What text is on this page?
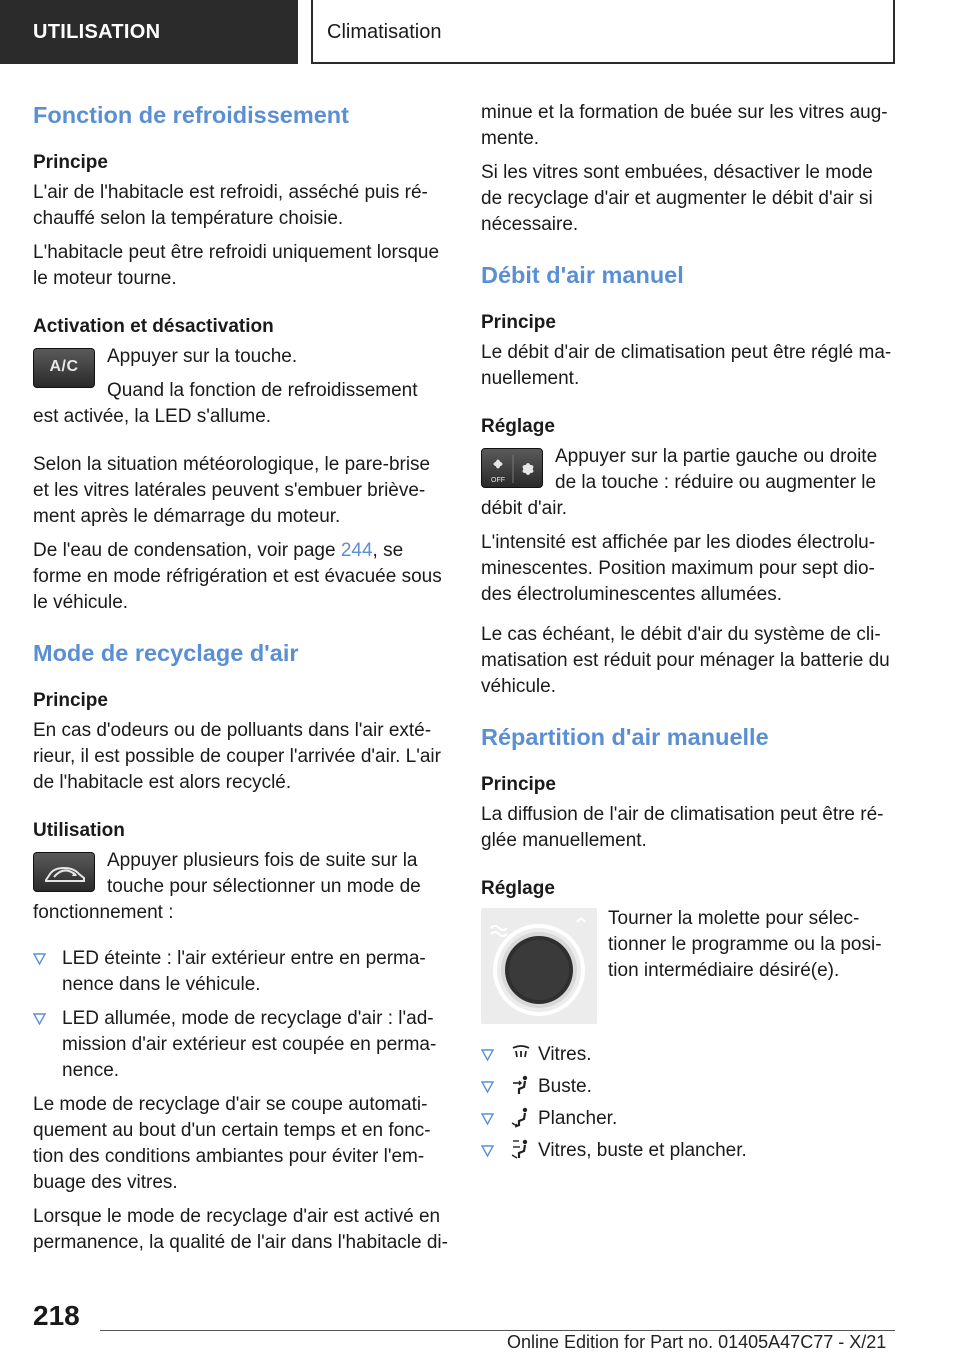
UTILISATION	Climatisation
Fonction de refroidissement
Principe

L'air de l'habitacle est refroidi, asséché puis ré-chauffé selon la température choisie.

L'habitacle peut être refroidi uniquement lorsque le moteur tourne.

Activation et désactivation
A/C	Appuyer sur la touche.

Quand la fonction de refroidissement est activée, la LED s'allume.

Selon la situation météorologique, le pare-brise et les vitres latérales peuvent s'embuer briève-ment après le démarrage du moteur.

De l'eau de condensation, voir page 244, se forme en mode réfrigération et est évacuée sous le véhicule.

Mode de recyclage d'air
Principe

En cas d'odeurs ou de polluants dans l'air exté-rieur, il est possible de couper l'arrivée d'air. L'air de l'habitacle est alors recyclé.

Utilisation

Appuyer plusieurs fois de suite sur la touche pour sélectionner un mode de fonctionnement :

LED éteinte : l'air extérieur entre en perma-nence dans le véhicule.
LED allumée, mode de recyclage d'air : l'ad-mission d'air extérieur est coupée en perma-nence.

Le mode de recyclage d'air se coupe automati-quement au bout d'un certain temps et en fonc-tion des conditions ambiantes pour éviter l'em-buage des vitres.

Lorsque le mode de recyclage d'air est activé en permanence, la qualité de l'air dans l'habitacle di-

minue et la formation de buée sur les vitres aug-mente.

Si les vitres sont embuées, désactiver le mode de recyclage d'air et augmenter le débit d'air si nécessaire.

Débit d'air manuel
Principe

Le débit d'air de climatisation peut être réglé ma-nuellement.

Réglage
OFF

Appuyer sur la partie gauche ou droite de la touche : réduire ou augmenter le débit d'air.

L'intensité est affichée par les diodes électrolu-minescentes. Position maximum pour sept dio-des électroluminescentes allumées.

Le cas échéant, le débit d'air du système de cli-matisation est réduit pour ménager la batterie du véhicule.

Répartition d'air manuelle
Principe

La diffusion de l'air de climatisation peut être ré-glée manuellement.

Réglage

Tourner la molette pour sélec-tionner le programme ou la posi-tion intermédiaire désiré(e).

Vitres.
Buste.
Plancher.
Vitres, buste et plancher.
218
Online Edition for Part no. 01405A47C77 - X/21
